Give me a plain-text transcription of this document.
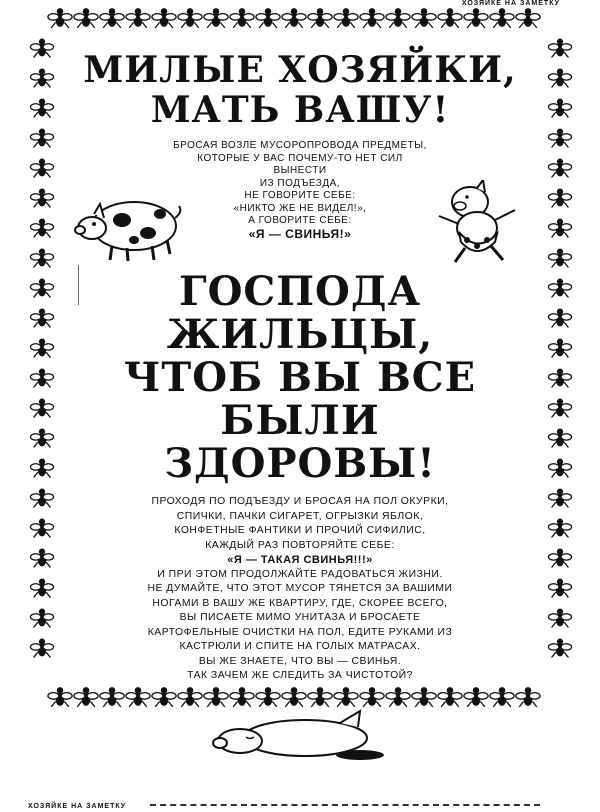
ХОЗЯЙКЕ НА ЗАМЕТКУ
МИЛЫЕ ХОЗЯЙКИ,
МАТЬ ВАШУ!
БРОСАЯ ВОЗЛЕ МУСОРОПРОВОДА ПРЕДМЕТЫ,
КОТОРЫЕ У ВАС ПОЧЕМУ-ТО НЕТ СИЛ ВЫНЕСТИ
ИЗ ПОДЪЕЗДА,
НЕ ГОВОРИТЕ СЕБЕ:
«НИКТО ЖЕ НЕ ВИДЕЛ!»,
А ГОВОРИТЕ СЕБЕ:
«Я — СВИНЬЯ!»
ГОСПОДА ЖИЛЬЦЫ,
ЧТОБ ВЫ ВСЕ БЫЛИ
ЗДОРОВЫ!
ПРОХОДЯ ПО ПОДЪЕЗДУ И БРОСАЯ НА ПОЛ ОКУРКИ,
СПИЧКИ, ПАЧКИ СИГАРЕТ, ОГРЫЗКИ ЯБЛОК,
КОНФЕТНЫЕ ФАНТИКИ И ПРОЧИЙ СИФИЛИС,
КАЖДЫЙ РАЗ ПОВТОРЯЙТЕ СЕБЕ:
«Я — ТАКАЯ СВИНЬЯ!!!»
И ПРИ ЭТОМ ПРОДОЛЖАЙТЕ РАДОВАТЬСЯ ЖИЗНИ.
НЕ ДУМАЙТЕ, ЧТО ЭТОТ МУСОР ТЯНЕТСЯ ЗА ВАШИМИ
НОГАМИ В ВАШУ ЖЕ КВАРТИРУ, ГДЕ, СКОРЕЕ ВСЕГО,
ВЫ ПИСАЕТЕ МИМО УНИТАЗА И БРОСАЕТЕ
КАРТОФЕЛЬНЫЕ ОЧИСТКИ НА ПОЛ, ЕДИТЕ РУКАМИ ИЗ
КАСТРЮЛИ И СПИТЕ НА ГОЛЫХ МАТРАСАХ.
ВЫ ЖЕ ЗНАЕТЕ, ЧТО ВЫ — СВИНЬЯ.
ТАК ЗАЧЕМ ЖЕ СЛЕДИТЬ ЗА ЧИСТОТОЙ?
ХОЗЯЙКЕ НА ЗАМЕТКУ
